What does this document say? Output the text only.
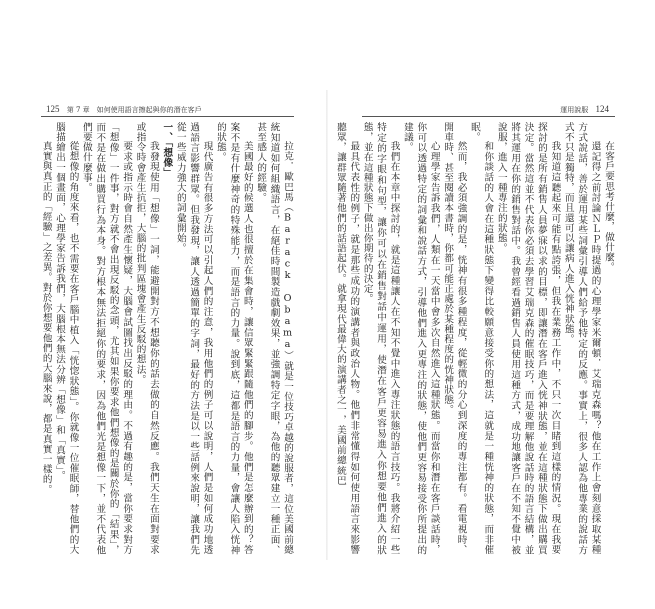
125 第 7 章　如何使用語言擦起與你的潛在客戶

拉克．歐巴馬（Barack Obama）就是一位技巧卓越的說服者，這位美國前總統知道如何組織語言，在絕佳時間製造戲劇效果，並強調特定字眼，為他的聽眾建立一種正面、甚至感人的經驗。

美國最好的候選人也很擅於在集會時，讓信眾緊緊跟隨他們的腳步。他們是怎麼辦到的？答案不是有什麼神奇的特殊能力，而是語言的力量。說到底，這都是語言的力量，會讓人陷入恍神的狀態。

現代廣告有很多方法可以引起人們的注意，我用他們的例子可以說明，人們是如何成功地透過語言影響群眾。但我發現，讓人透過簡單的字詞，最好的方法是以一些話例來說明，讓我們先從一些威力強大的詞彙開始。

一、「想像」

我發現使用「想像」一詞，能避開對方不想聽你的話去做的自然反應。我們天生在面對要求或指令時會產生抗拒，大腦的批判區塊會產生反駁的想法。

要求或指示時會自然產生懷疑，大腦會試圖找出反駁的理由。不過有趣的是，當你要求對方「想像」一件事，對方就不會出現反駁的念頭，尤其如果你要求他們想像的是關於你的「結果」，而不是在做出購買行為本身。對方根本無法拒絕你的要求，因為他們光是想像一下，並不代表他們要做什麼事。

從想像的角度來看，也不需要在客戶腦中植入「恍惚狀態」。你就像一位催眠師，替他們的大腦描繪出一個畫面，心理學家告訴我們，大腦根本無法分辨「想像」和「真實」。

真實與真正的「經驗」之差異。對於你想要他們的大腦來說，都是真實一樣的。

運用說服 124

在客戶要思考什麼，做什麼。

還記得之前討論ＮＬＰ時提過的心理學家米爾頓．艾瑞克森嗎？他在工作上會刻意採取某種方式說話，善於運用某些詞彙引導人們給予他特定的反應。事實上，很多人認為他專業的說話方式不只是獨特，而且還可以讓病人進入恍神狀態。

我知道這聽起來可能有點誇張，但我在業務工作中，不只一次目睹到這樣的情況。現在我要探討的是所有銷售人員夢寐以求的目標，即讓潛在客戶進入恍神狀態，並在這種狀態下做出購買決定。當然這並不代表你必須去學習艾瑞克森的催眠技巧，而是要理解他說話時的語言結構，並將其運用在你的銷售對話中。我曾經看過銷售人員使用這種方式，成功地讓客戶在不知不覺中被說服，進入一種專注的狀態。

和你談話的人會在這種狀態下變得比較願意接受你的想法，這就是一種恍神的狀態，而非催眠。

然而，我必須強調的是，恍神有很多種程度，從輕微的分心到深度的專注都有。看電視時、開車時、甚至閱讀本書時，你都可能正處於某種程度的恍神狀態。

心理學家告訴我們，人類在一天當中會多次自然進入這種狀態。而當你和潛在客戶談話時，你可以透過特定的詞彙和說話方式，引導他們進入更專注的狀態，使他們更容易接受你所提出的建議。

我們在本章中探討的，就是這種讓人在不知不覺中進入專注狀態的語言技巧。我將介紹一些特定的字眼和句型，讓你可以在銷售對話中運用，使潛在客戶更容易進入你想要他們進入的狀態，並在這種狀態下做出你期待的決定。

最具代表性的例子，就是那些成功的演講者與政治人物。他們非常懂得如何使用語言來影響聽眾，讓群眾隨著他們的話語起伏。就拿現代最偉大的演講者之一，美國前總統巴
